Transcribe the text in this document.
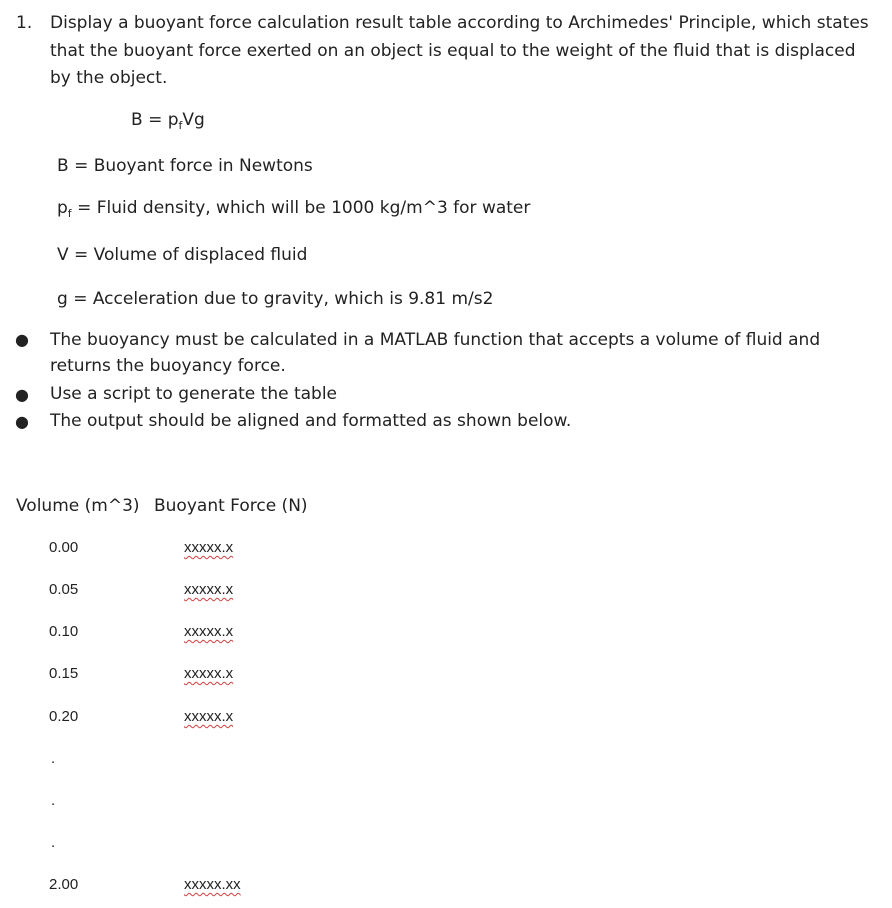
1. Display a buoyant force calculation result table according to Archimedes' Principle, which states that the buoyant force exerted on an object is equal to the weight of the fluid that is displaced by the object.
$B = p_fVg$
B = Buoyant force in Newtons
$p_f$ = Fluid density, which will be 1000 kg/m^3 for water
V = Volume of displaced fluid
g = Acceleration due to gravity, which is 9.81 m/s2
● The buoyancy must be calculated in a MATLAB function that accepts a volume of fluid and returns the buoyancy force.
● Use a script to generate the table
● The output should be aligned and formatted as shown below.
Volume (m^3) Buoyant Force (N)
0.00	xxxxx.x
0.05	xxxxx.x
0.10	xxxxx.x
0.15	xxxxx.x
0.20	xxxxx.x
.
.
.
2.00	xxxxx.xx
